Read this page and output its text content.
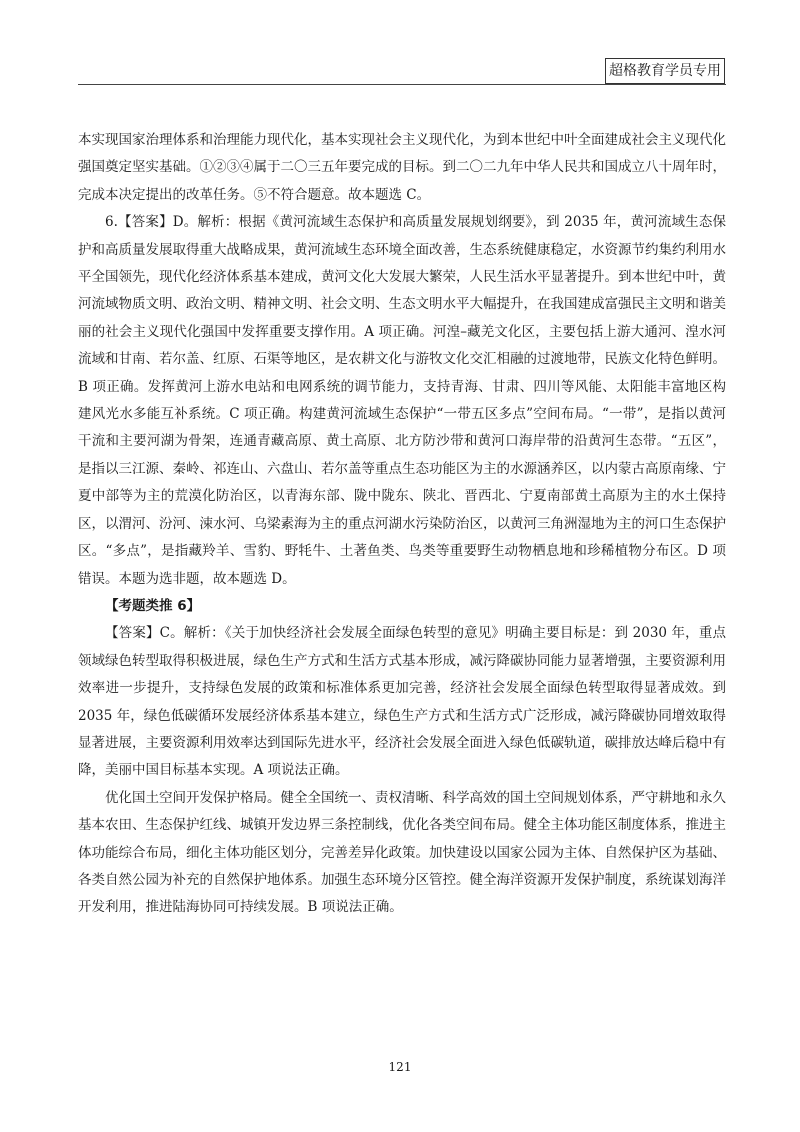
超格教育学员专用

本实现国家治理体系和治理能力现代化，基本实现社会主义现代化，为到本世纪中叶全面建成社会主义现代化强国奠定坚实基础。①②③④属于二〇三五年要完成的目标。到二〇二九年中华人民共和国成立八十周年时，完成本决定提出的改革任务。⑤不符合题意。故本题选 C。

6.【答案】D。解析：根据《黄河流域生态保护和高质量发展规划纲要》，到 2035 年，黄河流域生态保护和高质量发展取得重大战略成果，黄河流域生态环境全面改善，生态系统健康稳定，水资源节约集约利用水平全国领先，现代化经济体系基本建成，黄河文化大发展大繁荣，人民生活水平显著提升。到本世纪中叶，黄河流域物质文明、政治文明、精神文明、社会文明、生态文明水平大幅提升，在我国建成富强民主文明和谐美丽的社会主义现代化强国中发挥重要支撑作用。A 项正确。河湟–藏羌文化区，主要包括上游大通河、湟水河流域和甘南、若尔盖、红原、石渠等地区，是农耕文化与游牧文化交汇相融的过渡地带，民族文化特色鲜明。B 项正确。发挥黄河上游水电站和电网系统的调节能力，支持青海、甘肃、四川等风能、太阳能丰富地区构建风光水多能互补系统。C 项正确。构建黄河流域生态保护“一带五区多点”空间布局。“一带”，是指以黄河干流和主要河湖为骨架，连通青藏高原、黄土高原、北方防沙带和黄河口海岸带的沿黄河生态带。“五区”，是指以三江源、秦岭、祁连山、六盘山、若尔盖等重点生态功能区为主的水源涵养区，以内蒙古高原南缘、宁夏中部等为主的荒漠化防治区，以青海东部、陇中陇东、陕北、晋西北、宁夏南部黄土高原为主的水土保持区，以渭河、汾河、涑水河、乌梁素海为主的重点河湖水污染防治区，以黄河三角洲湿地为主的河口生态保护区。“多点”，是指藏羚羊、雪豹、野牦牛、土著鱼类、鸟类等重要野生动物栖息地和珍稀植物分布区。D 项错误。本题为选非题，故本题选 D。

【考题类推 6】

【答案】C。解析：《关于加快经济社会发展全面绿色转型的意见》明确主要目标是：到 2030 年，重点领域绿色转型取得积极进展，绿色生产方式和生活方式基本形成，减污降碳协同能力显著增强，主要资源利用效率进一步提升，支持绿色发展的政策和标准体系更加完善，经济社会发展全面绿色转型取得显著成效。到 2035 年，绿色低碳循环发展经济体系基本建立，绿色生产方式和生活方式广泛形成，减污降碳协同增效取得显著进展，主要资源利用效率达到国际先进水平，经济社会发展全面进入绿色低碳轨道，碳排放达峰后稳中有降，美丽中国目标基本实现。A 项说法正确。

优化国土空间开发保护格局。健全全国统一、责权清晰、科学高效的国土空间规划体系，严守耕地和永久基本农田、生态保护红线、城镇开发边界三条控制线，优化各类空间布局。健全主体功能区制度体系，推进主体功能综合布局，细化主体功能区划分，完善差异化政策。加快建设以国家公园为主体、自然保护区为基础、各类自然公园为补充的自然保护地体系。加强生态环境分区管控。健全海洋资源开发保护制度，系统谋划海洋开发利用，推进陆海协同可持续发展。B 项说法正确。

121
